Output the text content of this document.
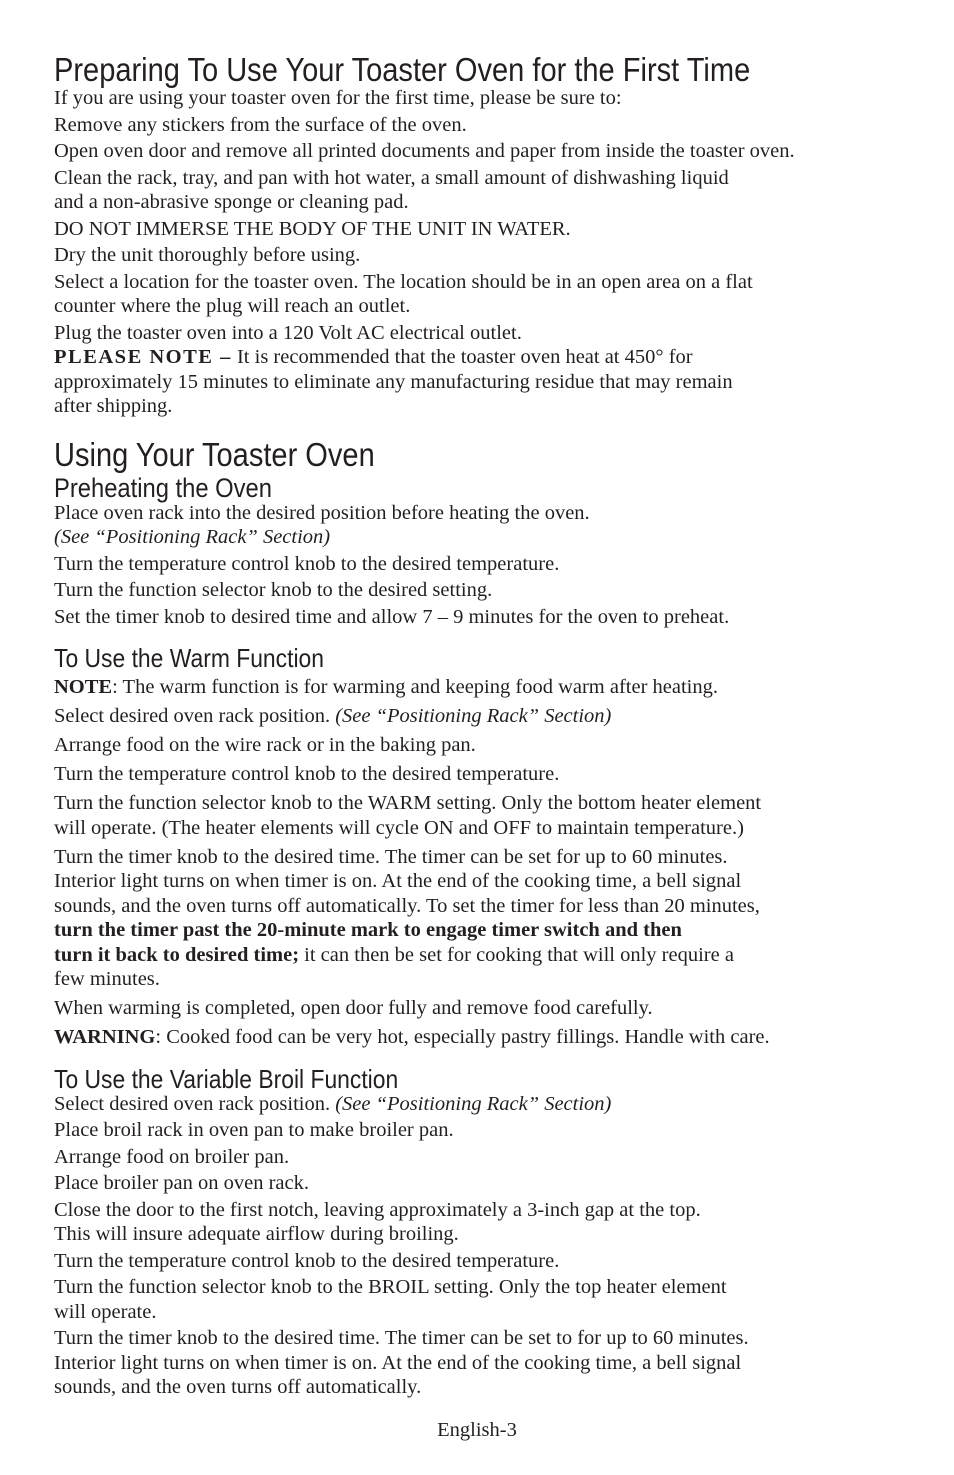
Preparing To Use Your Toaster Oven for the First Time

If you are using your toaster oven for the first time, please be sure to:

Remove any stickers from the surface of the oven.

Open oven door and remove all printed documents and paper from inside the toaster oven.

Clean the rack, tray, and pan with hot water, a small amount of dishwashing liquid

and a non-abrasive sponge or cleaning pad.

DO NOT IMMERSE THE BODY OF THE UNIT IN WATER.

Dry the unit thoroughly before using.

Select a location for the toaster oven. The location should be in an open area on a flat

counter where the plug will reach an outlet.

Plug the toaster oven into a 120 Volt AC electrical outlet.

PLEASE NOTE – It is recommended that the toaster oven heat at 450° for

approximately 15 minutes to eliminate any manufacturing residue that may remain

after shipping.

Using Your Toaster Oven
Preheating the Oven

Place oven rack into the desired position before heating the oven.

(See “Positioning Rack” Section)

Turn the temperature control knob to the desired temperature.

Turn the function selector knob to the desired setting.

Set the timer knob to desired time and allow 7 – 9 minutes for the oven to preheat.

To Use the Warm Function

NOTE: The warm function is for warming and keeping food warm after heating.

Select desired oven rack position. (See “Positioning Rack” Section)

Arrange food on the wire rack or in the baking pan.

Turn the temperature control knob to the desired temperature.

Turn the function selector knob to the WARM setting. Only the bottom heater element

will operate. (The heater elements will cycle ON and OFF to maintain temperature.)

Turn the timer knob to the desired time. The timer can be set for up to 60 minutes.

Interior light turns on when timer is on. At the end of the cooking time, a bell signal

sounds, and the oven turns off automatically. To set the timer for less than 20 minutes,

turn the timer past the 20-minute mark to engage timer switch and then

turn it back to desired time; it can then be set for cooking that will only require a

few minutes.

When warming is completed, open door fully and remove food carefully.

WARNING: Cooked food can be very hot, especially pastry fillings. Handle with care.

To Use the Variable Broil Function

Select desired oven rack position. (See “Positioning Rack” Section)

Place broil rack in oven pan to make broiler pan.

Arrange food on broiler pan.

Place broiler pan on oven rack.

Close the door to the first notch, leaving approximately a 3-inch gap at the top.

This will insure adequate airflow during broiling.

Turn the temperature control knob to the desired temperature.

Turn the function selector knob to the BROIL setting. Only the top heater element

will operate.

Turn the timer knob to the desired time. The timer can be set to for up to 60 minutes.

Interior light turns on when timer is on. At the end of the cooking time, a bell signal

sounds, and the oven turns off automatically.

English-3
